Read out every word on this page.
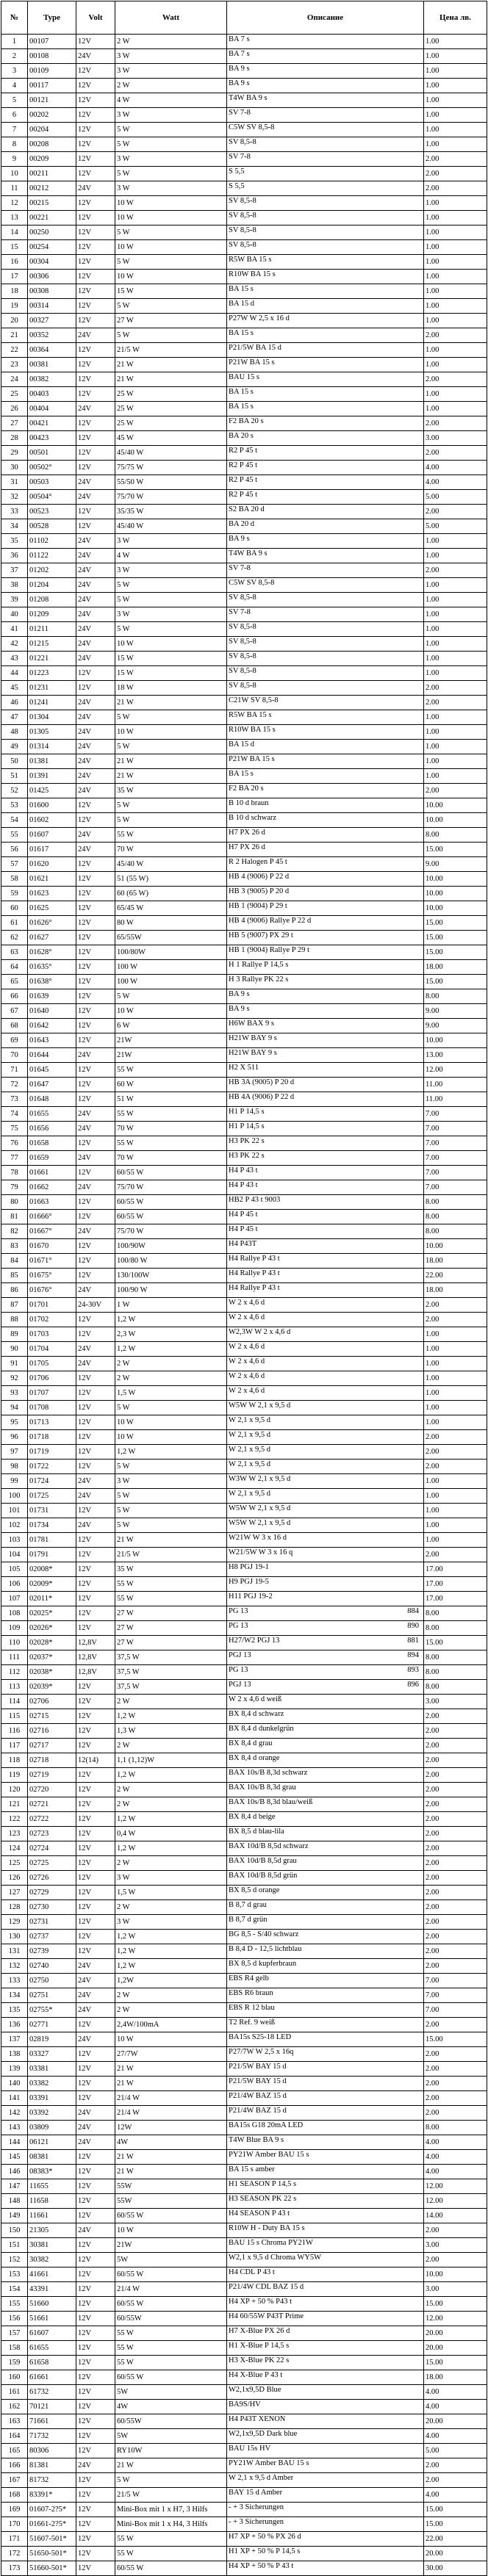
№	Type	Volt	Watt	Описание	Цена лв.
1	00107	12V	2 W	BA 7 s	1.00
2	00108	24V	3 W	BA 7 s	1.00
3	00109	12V	3 W	BA 9 s	1.00
4	00117	12V	2 W	BA 9 s	1.00
5	00121	12V	4 W	T4W BA 9 s	1.00
6	00202	12V	3 W	SV 7-8	1.00
7	00204	12V	5 W	C5W SV 8,5-8	1.00
8	00208	12V	5 W	SV 8,5-8	1.00
9	00209	12V	3 W	SV 7-8	2.00
10	00211	12V	5 W	S 5,5	2.00
11	00212	24V	3 W	S 5,5	2.00
12	00215	12V	10 W	SV 8,5-8	1.00
13	00221	12V	10 W	SV 8,5-8	1.00
14	00250	12V	5 W	SV 8,5-8	1.00
15	00254	12V	10 W	SV 8,5-8	1.00
16	00304	12V	5 W	R5W BA 15 s	1.00
17	00306	12V	10 W	R10W BA 15 s	1.00
18	00308	12V	15 W	BA 15 s	1.00
19	00314	12V	5 W	BA 15 d	1.00
20	00327	12V	27 W	P27W W 2,5 x 16 d	1.00
21	00352	24V	5 W	BA 15 s	2.00
22	00364	12V	21/5 W	P21/5W BA 15 d	1.00
23	00381	12V	21 W	P21W BA 15 s	1.00
24	00382	12V	21 W	BAU 15 s	2.00
25	00403	12V	25 W	BA 15 s	1.00
26	00404	24V	25 W	BA 15 s	1.00
27	00421	12V	25 W	F2 BA 20 s	2.00
28	00423	12V	45 W	BA 20 s	3.00
29	00501	12V	45/40 W	R2 P 45 t	2.00
30	00502°	12V	75/75 W	R2 P 45 t	4.00
31	00503	24V	55/50 W	R2 P 45 t	4.00
32	00504°	24V	75/70 W	R2 P 45 t	5.00
33	00523	12V	35/35 W	S2 BA 20 d	2.00
34	00528	12V	45/40 W	BA 20 d	5.00
35	01102	24V	3 W	BA 9 s	1.00
36	01122	24V	4 W	T4W BA 9 s	1.00
37	01202	24V	3 W	SV 7-8	2.00
38	01204	24V	5 W	C5W SV 8,5-8	1.00
39	01208	24V	5 W	SV 8,5-8	1.00
40	01209	24V	3 W	SV 7-8	1.00
41	01211	24V	5 W	SV 8,5-8	1.00
42	01215	24V	10 W	SV 8,5-8	1.00
43	01221	24V	15 W	SV 8,5-8	1.00
44	01223	12V	15 W	SV 8,5-8	1.00
45	01231	12V	18 W	SV 8,5-8	2.00
46	01241	24V	21 W	C21W SV 8,5-8	2.00
47	01304	24V	5 W	R5W BA 15 s	1.00
48	01305	24V	10 W	R10W BA 15 s	1.00
49	01314	24V	5 W	BA 15 d	1.00
50	01381	24V	21 W	P21W BA 15 s	1.00
51	01391	24V	21 W	BA 15 s	1.00
52	01425	24V	35 W	F2 BA 20 s	2.00
53	01600	12V	5 W	B 10 d braun	10.00
54	01602	12V	5 W	B 10 d schwarz	10.00
55	01607	24V	55 W	H7 PX 26 d	8.00
56	01617	24V	70 W	H7 PX 26 d	15.00
57	01620	12V	45/40 W	R 2 Halogen P 45 t	9.00
58	01621	12V	51 (55 W)	HB 4 (9006) P 22 d	10.00
59	01623	12V	60 (65 W)	HB 3 (9005) P 20 d	10.00
60	01625	12V	65/45 W	HB 1 (9004) P 29 t	10.00
61	01626°	12V	80 W	HB 4 (9006) Rallye P 22 d	15.00
62	01627	12V	65/55W	HB 5 (9007) PX 29 t	15.00
63	01628°	12V	100/80W	HB 1 (9004) Rallye P 29 t	15.00
64	01635°	12V	100 W	H 1 Rallye P 14,5 s	18.00
65	01638°	12V	100 W	H 3 Rallye PK 22 s	15.00
66	01639	12V	5 W	BA 9 s	8.00
67	01640	12V	10 W	BA 9 s	9.00
68	01642	12V	6 W	H6W BAX 9 s	9.00
69	01643	12V	21W	H21W BAY 9 s	10.00
70	01644	24V	21W	H21W BAY 9 s	13.00
71	01645	12V	55 W	H2 X 511	12.00
72	01647	12V	60 W	HB 3A (9005) P 20 d	11.00
73	01648	12V	51 W	HB 4A (9006) P 22 d	11.00
74	01655	24V	55 W	H1 P 14,5 s	7.00
75	01656	24V	70 W	H1 P 14,5 s	7.00
76	01658	12V	55 W	H3 PK 22 s	7.00
77	01659	24V	70 W	H3 PK 22 s	7.00
78	01661	12V	60/55 W	H4 P 43 t	7.00
79	01662	24V	75/70 W	H4 P 43 t	7.00
80	01663	12V	60/55 W	HB2 P 43 t 9003	8.00
81	01666°	12V	60/55 W	H4 P 45 t	8.00
82	01667°	24V	75/70 W	H4 P 45 t	8.00
83	01670	12V	100/90W	H4 P43T	10.00
84	01671°	12V	100/80 W	H4 Rallye P 43 t	18.00
85	01675°	12V	130/100W	H4 Rallye P 43 t	22.00
86	01676°	24V	100/90 W	H4 Rallye P 43 t	18.00
87	01701	24-30V	1 W	W 2 x 4,6 d	2.00
88	01702	12V	1,2 W	W 2 x 4,6 d	2.00
89	01703	12V	2,3 W	W2,3W W 2 x 4,6 d	1.00
90	01704	24V	1,2 W	W 2 x 4,6 d	1.00
91	01705	24V	2 W	W 2 x 4,6 d	1.00
92	01706	12V	2 W	W 2 x 4,6 d	1.00
93	01707	12V	1,5 W	W 2 x 4,6 d	1.00
94	01708	12V	5 W	W5W W 2,1 x 9,5 d	1.00
95	01713	12V	10 W	W 2,1 x 9,5 d	1.00
96	01718	12V	10 W	W 2,1 x 9,5 d	2.00
97	01719	12V	1,2 W	W 2,1 x 9,5 d	2.00
98	01722	12V	5 W	W 2,1 x 9,5 d	2.00
99	01724	24V	3 W	W3W W 2,1 x 9,5 d	1.00
100	01725	24V	5 W	W 2,1 x 9,5 d	1.00
101	01731	12V	5 W	W5W W 2,1 x 9,5 d	1.00
102	01734	24V	5 W	W5W W 2,1 x 9,5 d	1.00
103	01781	12V	21 W	W21W W 3 x 16 d	1.00
104	01791	12V	21/5 W	W21/5W W 3 x 16 q	2.00
105	02008*	12V	35 W	H8 PGJ 19-1	17.00
106	02009*	12V	55 W	H9 PGJ 19-5	17.00
107	02011*	12V	55 W	H11 PGJ 19-2	17.00
108	02025*	12V	27 W	PG 13 884	8.00
109	02026*	12V	27 W	PG 13 890	8.00
110	02028*	12,8V	27 W	H27/W2 PGJ 13 881	15.00
111	02037*	12,8V	37,5 W	PGJ 13 894	8.00
112	02038*	12,8V	37,5 W	PG 13 893	8.00
113	02039*	12V	37,5 W	PGJ 13 896	8.00
114	02706	12V	2 W	W 2 x 4,6 d weiß	3.00
115	02715	12V	1,2 W	BX 8,4 d schwarz	2.00
116	02716	12V	1,3 W	BX 8,4 d dunkelgrün	2.00
117	02717	12V	2 W	BX 8,4 d grau	2.00
118	02718	12(14)	1,1 (1,12)W	BX 8,4 d orange	2.00
119	02719	12V	1,2 W	BAX 10s/B 8,3d schwarz	2.00
120	02720	12V	2 W	BAX 10s/B 8,3d grau	2.00
121	02721	12V	2 W	BAX 10s/B 8,3d blau/weiß	2.00
122	02722	12V	1,2 W	BX 8,4 d beige	2.00
123	02723	12V	0,4 W	BX 8,5 d blau-lila	2.00
124	02724	12V	1,2 W	BAX 10d/B 8,5d schwarz	2.00
125	02725	12V	2 W	BAX 10d/B 8,5d grau	2.00
126	02726	12V	3 W	BAX 10d/B 8,5d grün	2.00
127	02729	12V	1,5 W	BX 8,5 d orange	2.00
128	02730	12V	2 W	B 8,7 d grau	2.00
129	02731	12V	3 W	B 8,7 d grün	2.00
130	02737	12V	1,2 W	BG 8,5 - S/40 schwarz	2.00
131	02739	12V	1,2 W	B 8,4 D - 12,5 lichtblau	2.00
132	02740	24V	1,2 W	BX 8,5 d kupferbraun	2.00
133	02750	24V	1,2W	EBS R4 gelb	7.00
134	02751	24V	2 W	EBS R6 braun	7.00
135	02755*	24V	2 W	EBS R 12 blau	7.00
136	02771	12V	2,4W/100mA	T2 Ref. 9 weiß	2.00
137	02819	24V	10 W	BA15s S25-18 LED	15.00
138	03327	12V	27/7W	P27/7W W 2,5 x 16q	2.00
139	03381	12V	21 W	P21/5W BAY 15 d	2.00
140	03382	12V	21 W	P21/5W BAY 15 d	2.00
141	03391	12V	21/4 W	P21/4W BAZ 15 d	2.00
142	03392	24V	21/4 W	P21/4W BAZ 15 d	2.00
143	03809	24V	12W	BA15s G18 20mA LED	8.00
144	06121	24V	4W	T4W Blue BA 9 s	4.00
145	08381	12V	21 W	PY21W Amber BAU 15 s	4.00
146	08383*	12V	21 W	BA 15 s amber	4.00
147	11655	12V	55W	H1 SEASON P 14,5 s	12.00
148	11658	12V	55W	H3 SEASON PK 22 s	12.00
149	11661	12V	60/55 W	H4 SEASON P 43 t	14.00
150	21305	24V	10 W	R10W H - Duty BA 15 s	2.00
151	30381	12V	21W	BAU 15 s Chroma PY21W	3.00
152	30382	12V	5W	W2,1 x 9,5 d Chroma WY5W	2.00
153	41661	12V	60/55 W	H4 CDL P 43 t	10.00
154	43391	12V	21/4 W	P21/4W CDL BAZ 15 d	3.00
155	51660	12V	60/55 W	H4 XP + 50 % P43 t	15.00
156	51661	12V	60/55W	H4 60/55W P43T Prime	12.00
157	61607	12V	55 W	H7 X-Blue PX 26 d	20.00
158	61655	12V	55 W	H1 X-Blue P 14,5 s	20.00
159	61658	12V	55 W	H3 X-Blue PK 22 s	15.00
160	61661	12V	60/55 W	H4 X-Blue P 43 t	18.00
161	61732	12V	5W	W2,1x9,5D Blue	4.00
162	70121	12V	4W	BA9S/HV	4.00
163	71661	12V	60/55W	H4 P43T XENON	20.00
164	71732	12V	5W	W2,1x9,5D Dark blue	4.00
165	80306	12V	RY10W	BAU 15s HV	5.00
166	81381	24V	21 W	PY21W Amber BAU 15 s	2.00
167	81732	12V	5 W	W 2,1 x 9,5 d Amber	2.00
168	83391*	12V	21/5 W	BAY 15 d Amber	4.00
169	01607-2?5*	12V	Mini-Box mit 1 x H7, 3 Hilfs	- + 3 Sicherungen	15.00
170	01661-2?5*	12V	Mini-Box mit 1 x H4, 3 Hilfs	- + 3 Sicherungen	15.00
171	51607-501*	12V	55 W	H7 XP + 50 % PX 26 d	22.00
172	51650-501*	12V	55 W	H1 XP + 50 % P 14,5 s	20.00
173	51660-501*	12V	60/55 W	H4 XP + 50 % P 43 t	30.00
